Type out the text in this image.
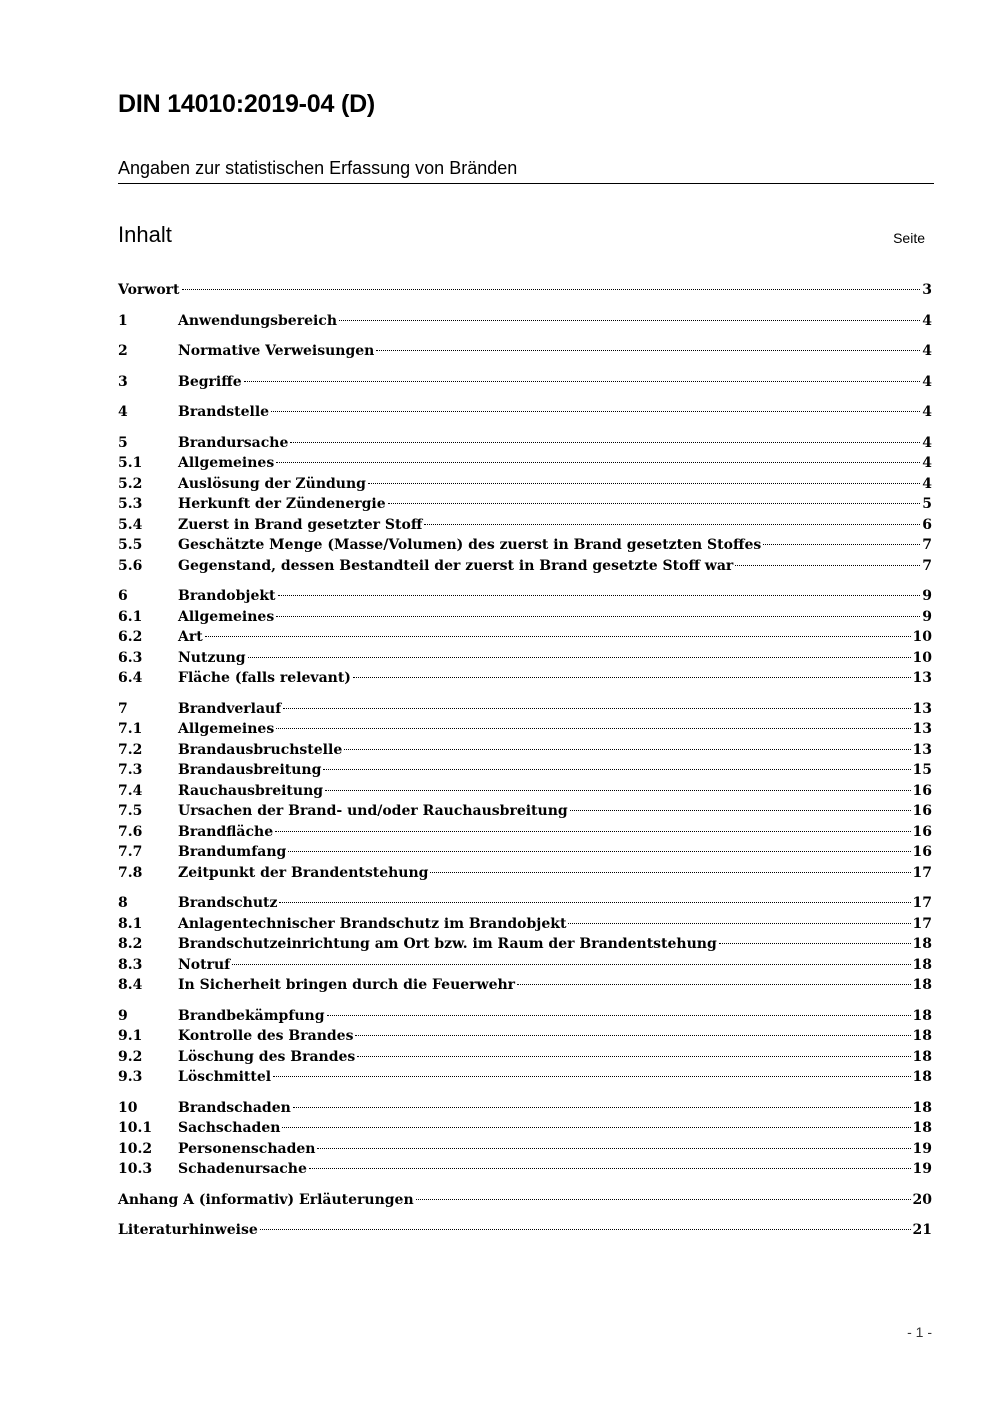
DIN 14010:2019-04 (D)
Angaben zur statistischen Erfassung von Bränden
Inhalt	Seite
Vorwort	3
1	Anwendungsbereich	4
2	Normative Verweisungen	4
3	Begriffe	4
4	Brandstelle	4
5	Brandursache	4
5.1	Allgemeines	4
5.2	Auslösung der Zündung	4
5.3	Herkunft der Zündenergie	5
5.4	Zuerst in Brand gesetzter Stoff	6
5.5	Geschätzte Menge (Masse/Volumen) des zuerst in Brand gesetzten Stoffes	7
5.6	Gegenstand, dessen Bestandteil der zuerst in Brand gesetzte Stoff war	7
6	Brandobjekt	9
6.1	Allgemeines	9
6.2	Art	10
6.3	Nutzung	10
6.4	Fläche (falls relevant)	13
7	Brandverlauf	13
7.1	Allgemeines	13
7.2	Brandausbruchstelle	13
7.3	Brandausbreitung	15
7.4	Rauchausbreitung	16
7.5	Ursachen der Brand- und/oder Rauchausbreitung	16
7.6	Brandfläche	16
7.7	Brandumfang	16
7.8	Zeitpunkt der Brandentstehung	17
8	Brandschutz	17
8.1	Anlagentechnischer Brandschutz im Brandobjekt	17
8.2	Brandschutzeinrichtung am Ort bzw. im Raum der Brandentstehung	18
8.3	Notruf	18
8.4	In Sicherheit bringen durch die Feuerwehr	18
9	Brandbekämpfung	18
9.1	Kontrolle des Brandes	18
9.2	Löschung des Brandes	18
9.3	Löschmittel	18
10	Brandschaden	18
10.1	Sachschaden	18
10.2	Personenschaden	19
10.3	Schadenursache	19
Anhang A (informativ) Erläuterungen	20
Literaturhinweise	21
- 1 -
